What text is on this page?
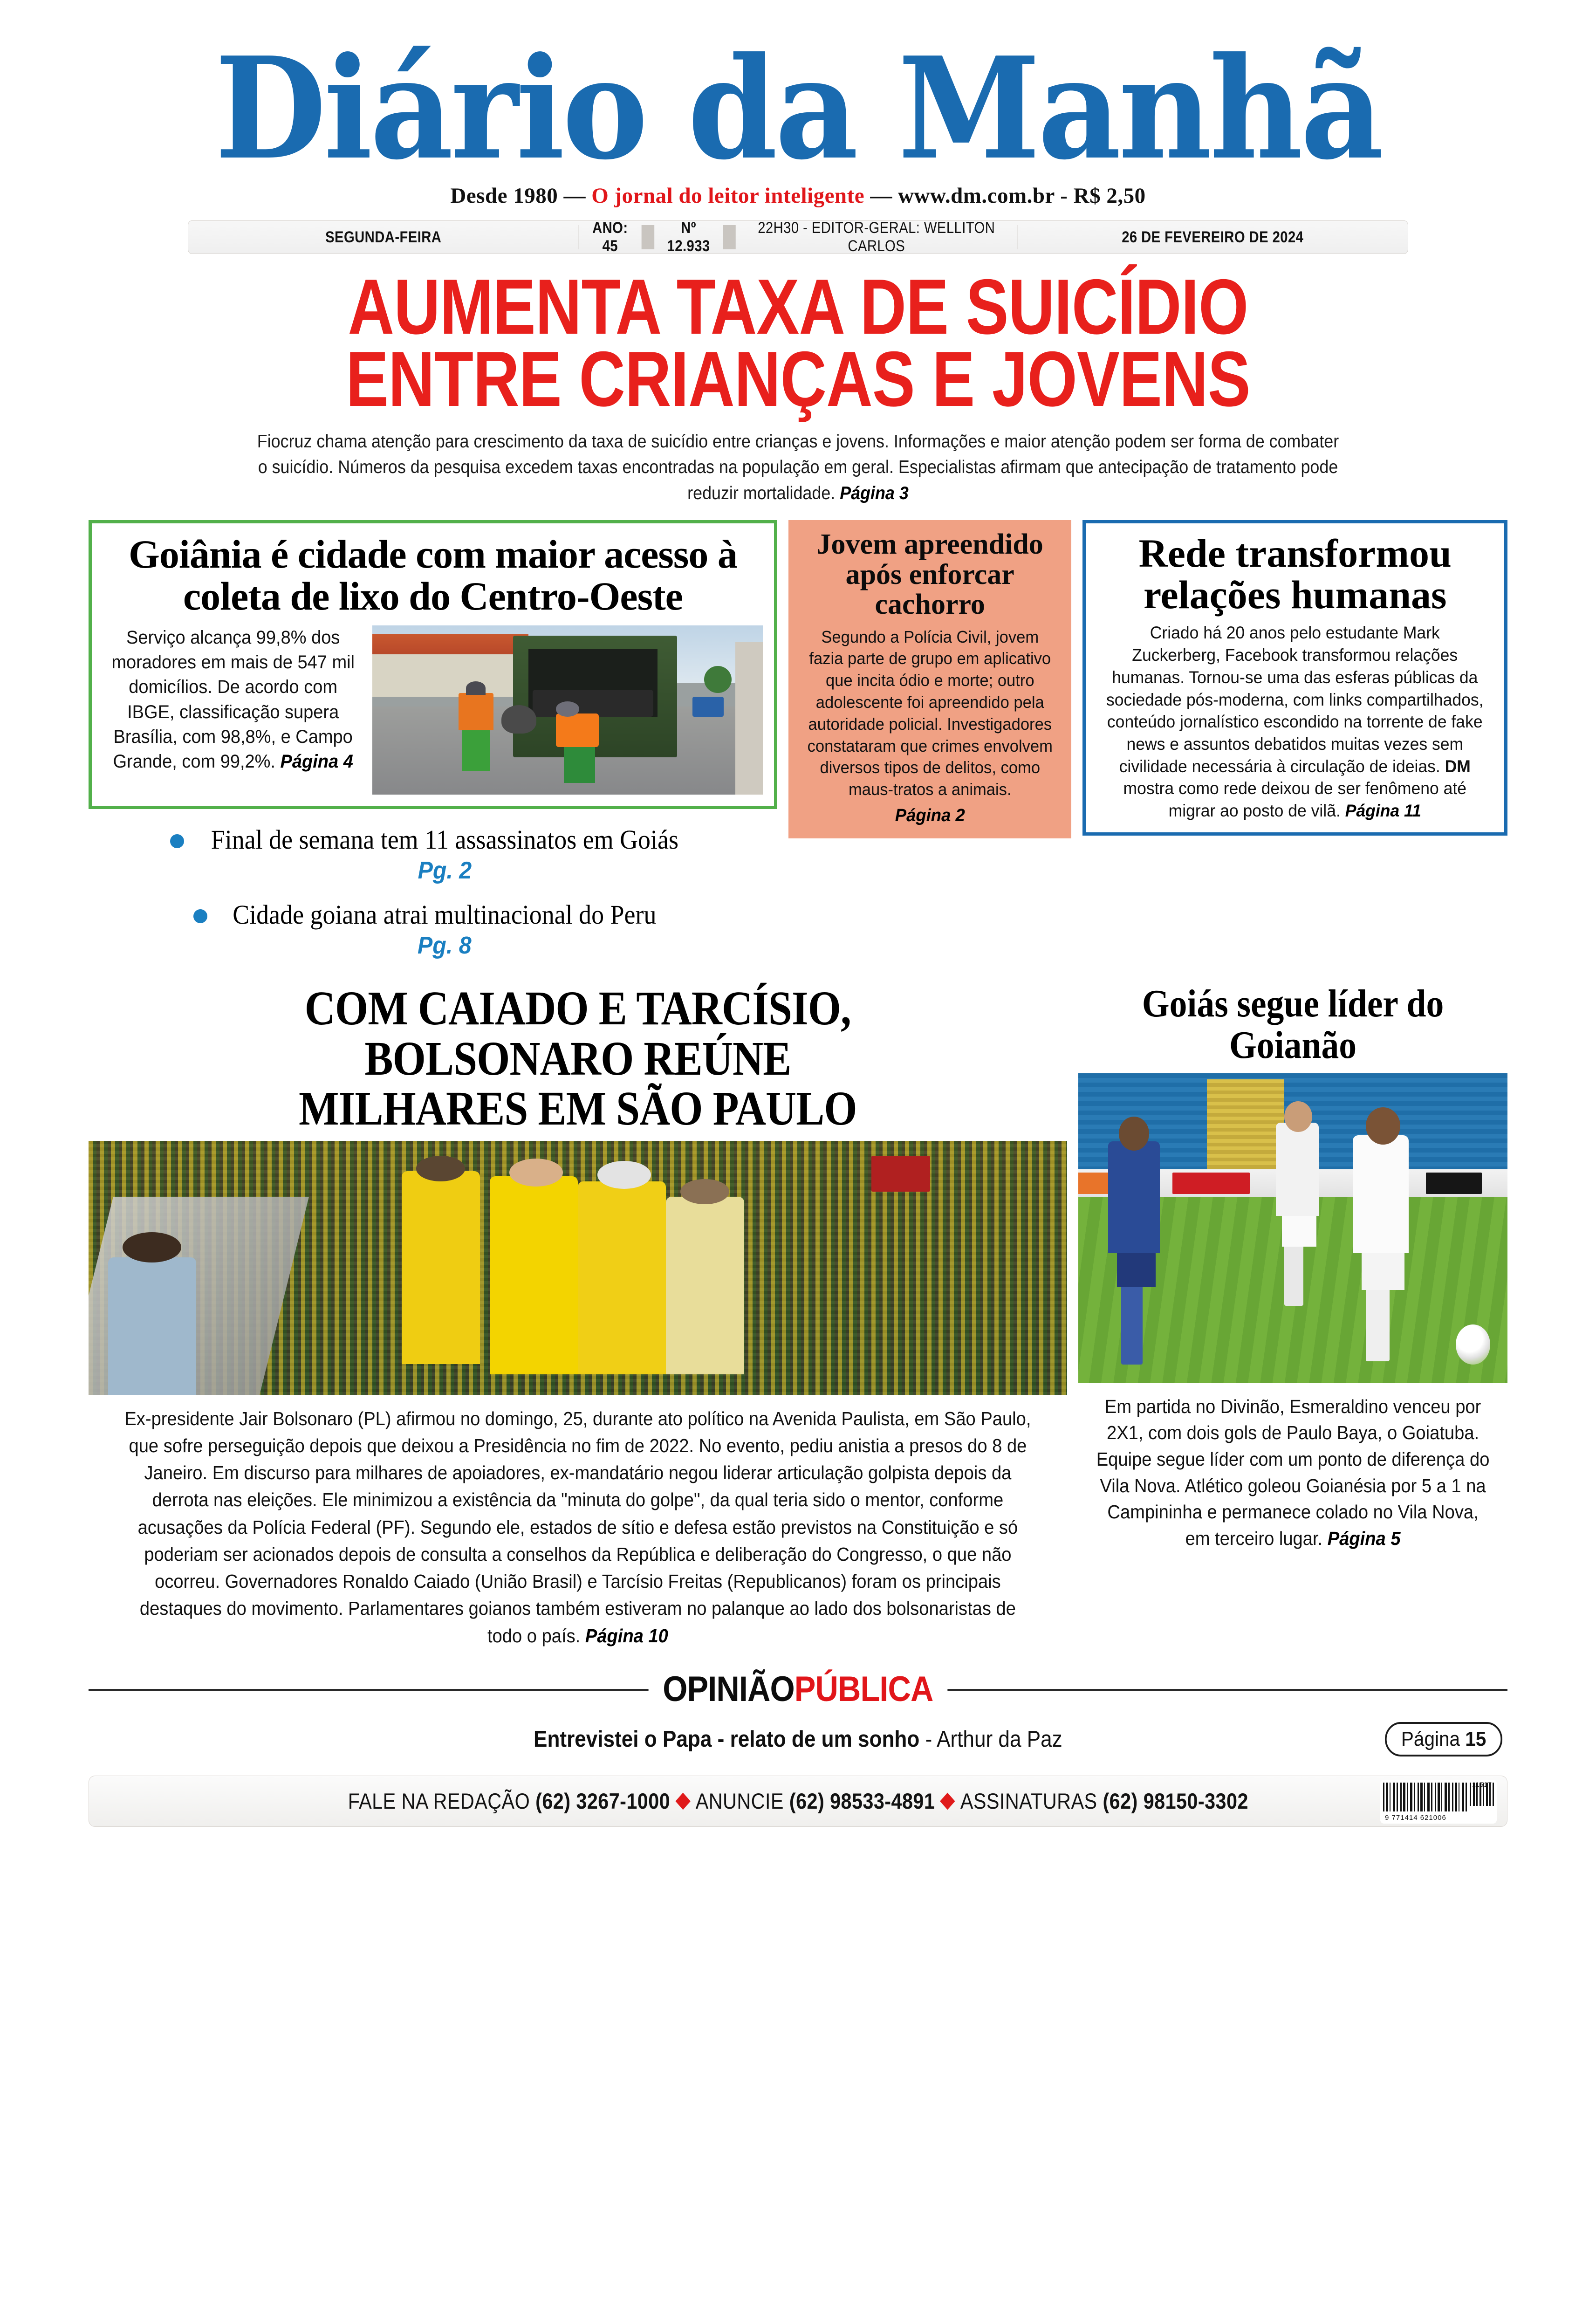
Diário da Manhã
Desde 1980 — O jornal do leitor inteligente — www.dm.com.br - R$ 2,50
SEGUNDA-FEIRA
ANO: 45
Nº 12.933
22H30 - EDITOR-GERAL: WELLITON CARLOS
26 DE FEVEREIRO DE 2024
AUMENTA TAXA DE SUICÍDIO
ENTRE CRIANÇAS E JOVENS
Fiocruz chama atenção para crescimento da taxa de suicídio entre crianças e jovens. Informações e maior atenção podem ser forma de combater o suicídio. Números da pesquisa excedem taxas encontradas na população em geral. Especialistas afirmam que antecipação de tratamento pode reduzir mortalidade. Página 3
Goiânia é cidade com maior acesso à coleta de lixo do Centro-Oeste
Serviço alcança 99,8% dos moradores em mais de 547 mil domicílios. De acordo com IBGE, classificação supera Brasília, com 98,8%, e Campo Grande, com 99,2%. Página 4
Final de semana tem 11 assassinatos em Goiás
Pg. 2
Cidade goiana atrai multinacional do Peru
Pg. 8
Jovem apreendido após enforcar cachorro

Segundo a Polícia Civil, jovem fazia parte de grupo em aplicativo que incita ódio e morte; outro adolescente foi apreendido pela autoridade policial. Investigadores constataram que crimes envolvem diversos tipos de delitos, como maus-tratos a animais.
Página 2

Rede transformou relações humanas

Criado há 20 anos pelo estudante Mark Zuckerberg, Facebook transformou relações humanas. Tornou-se uma das esferas públicas da sociedade pós-moderna, com links compartilhados, conteúdo jornalístico escondido na torrente de fake news e assuntos debatidos muitas vezes sem civilidade necessária à circulação de ideias. DM mostra como rede deixou de ser fenômeno até migrar ao posto de vilã. Página 11

COM CAIADO E TARCÍSIO,
BOLSONARO REÚNE
MILHARES EM SÃO PAULO
Ex-presidente Jair Bolsonaro (PL) afirmou no domingo, 25, durante ato político na Avenida Paulista, em São Paulo, que sofre perseguição depois que deixou a Presidência no fim de 2022. No evento, pediu anistia a presos do 8 de Janeiro. Em discurso para milhares de apoiadores, ex-mandatário negou liderar articulação golpista depois da derrota nas eleições. Ele minimizou a existência da "minuta do golpe", da qual teria sido o mentor, conforme acusações da Polícia Federal (PF). Segundo ele, estados de sítio e defesa estão previstos na Constituição e só poderiam ser acionados depois de consulta a conselhos da República e deliberação do Congresso, o que não ocorreu. Governadores Ronaldo Caiado (União Brasil) e Tarcísio Freitas (Republicanos) foram os principais destaques do movimento. Parlamentares goianos também estiveram no palanque ao lado dos bolsonaristas de todo o país. Página 10
Goiás segue líder do Goianão
Em partida no Divinão, Esmeraldino venceu por 2X1, com dois gols de Paulo Baya, o Goiatuba. Equipe segue líder com um ponto de diferença do Vila Nova. Atlético goleou Goianésia por 5 a 1 na Campininha e permanece colado no Vila Nova, em terceiro lugar. Página 5
OPINIÃOPÚBLICA
Entrevistei o Papa - relato de um sonho - Arthur da Paz	Página 15
FALE NA REDAÇÃO (62) 3267-1000 ANUNCIE (62) 98533-4891 ASSINATURAS (62) 98150-3302
9 771414 621006
11517
